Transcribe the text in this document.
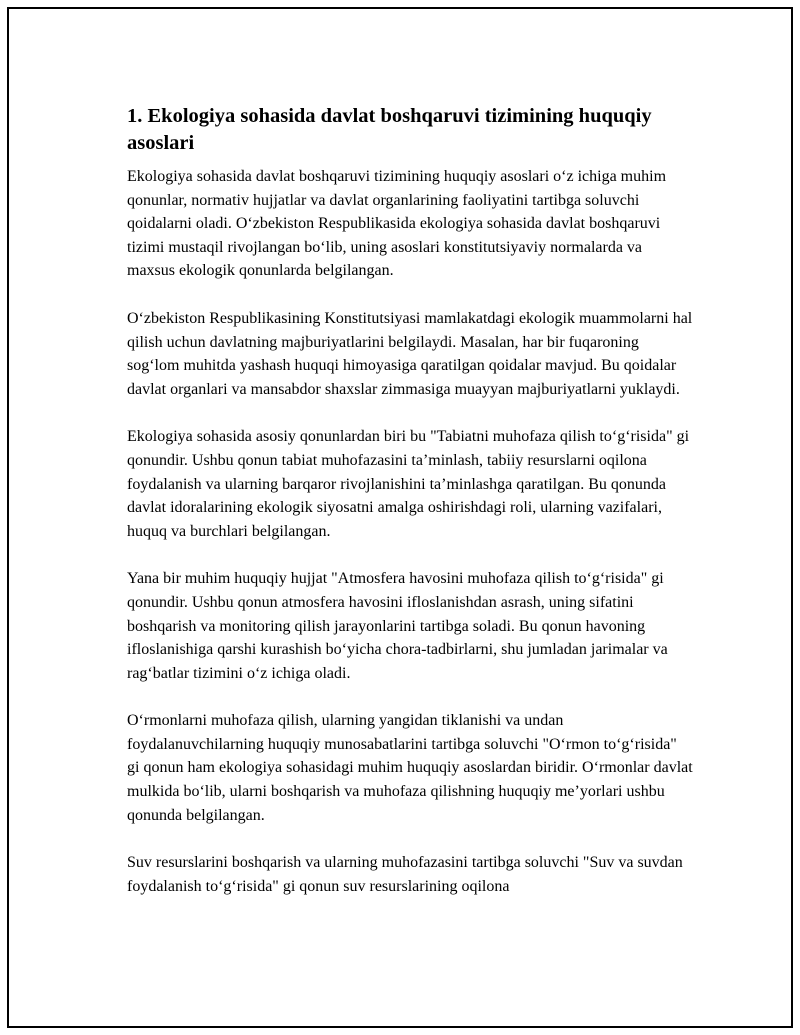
1. Ekologiya sohasida davlat boshqaruvi tizimining huquqiy asoslari

Ekologiya sohasida davlat boshqaruvi tizimining huquqiy asoslari o‘z ichiga muhim qonunlar, normativ hujjatlar va davlat organlarining faoliyatini tartibga soluvchi qoidalarni oladi. O‘zbekiston Respublikasida ekologiya sohasida davlat boshqaruvi tizimi mustaqil rivojlangan bo‘lib, uning asoslari konstitutsiyaviy normalarda va maxsus ekologik qonunlarda belgilangan.

O‘zbekiston Respublikasining Konstitutsiyasi mamlakatdagi ekologik muammolarni hal qilish uchun davlatning majburiyatlarini belgilaydi. Masalan, har bir fuqaroning sog‘lom muhitda yashash huquqi himoyasiga qaratilgan qoidalar mavjud. Bu qoidalar davlat organlari va mansabdor shaxslar zimmasiga muayyan majburiyatlarni yuklaydi.

Ekologiya sohasida asosiy qonunlardan biri bu "Tabiatni muhofaza qilish to‘g‘risida" gi qonundir. Ushbu qonun tabiat muhofazasini ta’minlash, tabiiy resurslarni oqilona foydalanish va ularning barqaror rivojlanishini ta’minlashga qaratilgan. Bu qonunda davlat idoralarining ekologik siyosatni amalga oshirishdagi roli, ularning vazifalari, huquq va burchlari belgilangan.

Yana bir muhim huquqiy hujjat "Atmosfera havosini muhofaza qilish to‘g‘risida" gi qonundir. Ushbu qonun atmosfera havosini ifloslanishdan asrash, uning sifatini boshqarish va monitoring qilish jarayonlarini tartibga soladi. Bu qonun havoning ifloslanishiga qarshi kurashish bo‘yicha chora-tadbirlarni, shu jumladan jarimalar va rag‘batlar tizimini o‘z ichiga oladi.

O‘rmonlarni muhofaza qilish, ularning yangidan tiklanishi va undan foydalanuvchilarning huquqiy munosabatlarini tartibga soluvchi "O‘rmon to‘g‘risida" gi qonun ham ekologiya sohasidagi muhim huquqiy asoslardan biridir. O‘rmonlar davlat mulkida bo‘lib, ularni boshqarish va muhofaza qilishning huquqiy me’yorlari ushbu qonunda belgilangan.

Suv resurslarini boshqarish va ularning muhofazasini tartibga soluvchi "Suv va suvdan foydalanish to‘g‘risida" gi qonun suv resurslarining oqilona
